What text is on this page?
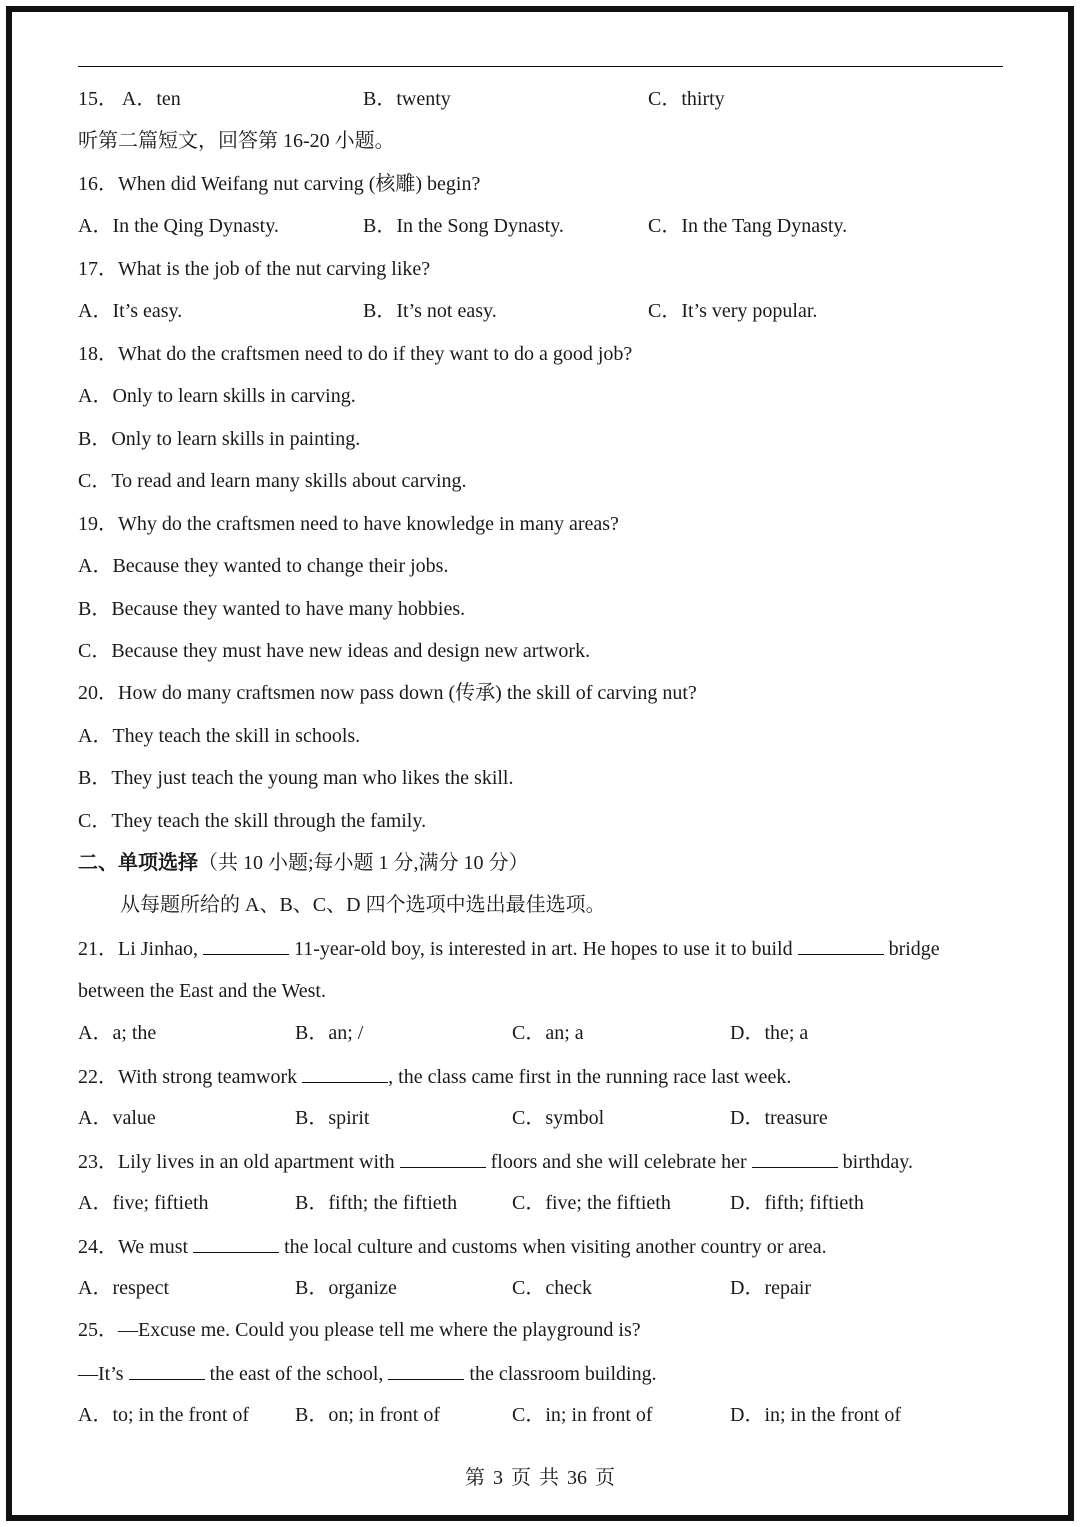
15． A．ten	B．twenty	C．thirty
听第二篇短文，回答第 16-20 小题。
16．When did Weifang nut carving (核雕) begin?
A．In the Qing Dynasty.	B．In the Song Dynasty.	C．In the Tang Dynasty.
17．What is the job of the nut carving like?
A．It’s easy.	B．It’s not easy.	C．It’s very popular.
18．What do the craftsmen need to do if they want to do a good job?
A．Only to learn skills in carving.
B．Only to learn skills in painting.
C．To read and learn many skills about carving.
19．Why do the craftsmen need to have knowledge in many areas?
A．Because they wanted to change their jobs.
B．Because they wanted to have many hobbies.
C．Because they must have new ideas and design new artwork.
20．How do many craftsmen now pass down (传承) the skill of carving nut?
A．They teach the skill in schools.
B．They just teach the young man who likes the skill.
C．They teach the skill through the family.
二、单项选择（共 10 小题;每小题 1 分,满分 10 分）
从每题所给的 A、B、C、D 四个选项中选出最佳选项。
21．Li Jinhao,	11-year-old boy, is interested in art. He hopes to use it to build	bridge
between the East and the West.
A．a; the	B．an; /	C．an; a	D．the; a
22．With strong teamwork	, the class came first in the running race last week.
A．value	B．spirit	C．symbol	D．treasure
23．Lily lives in an old apartment with	floors and she will celebrate her	birthday.
A．five; fiftieth	B．fifth; the fiftieth	C．five; the fiftieth	D．fifth; fiftieth
24．We must	the local culture and customs when visiting another country or area.
A．respect	B．organize	C．check	D．repair
25．—Excuse me. Could you please tell me where the playground is?
—It’s	the east of the school,	the classroom building.
A．to; in the front of B．on; in front of	C．in; in front of	D．in; in the front of
第 3 页 共 36 页
